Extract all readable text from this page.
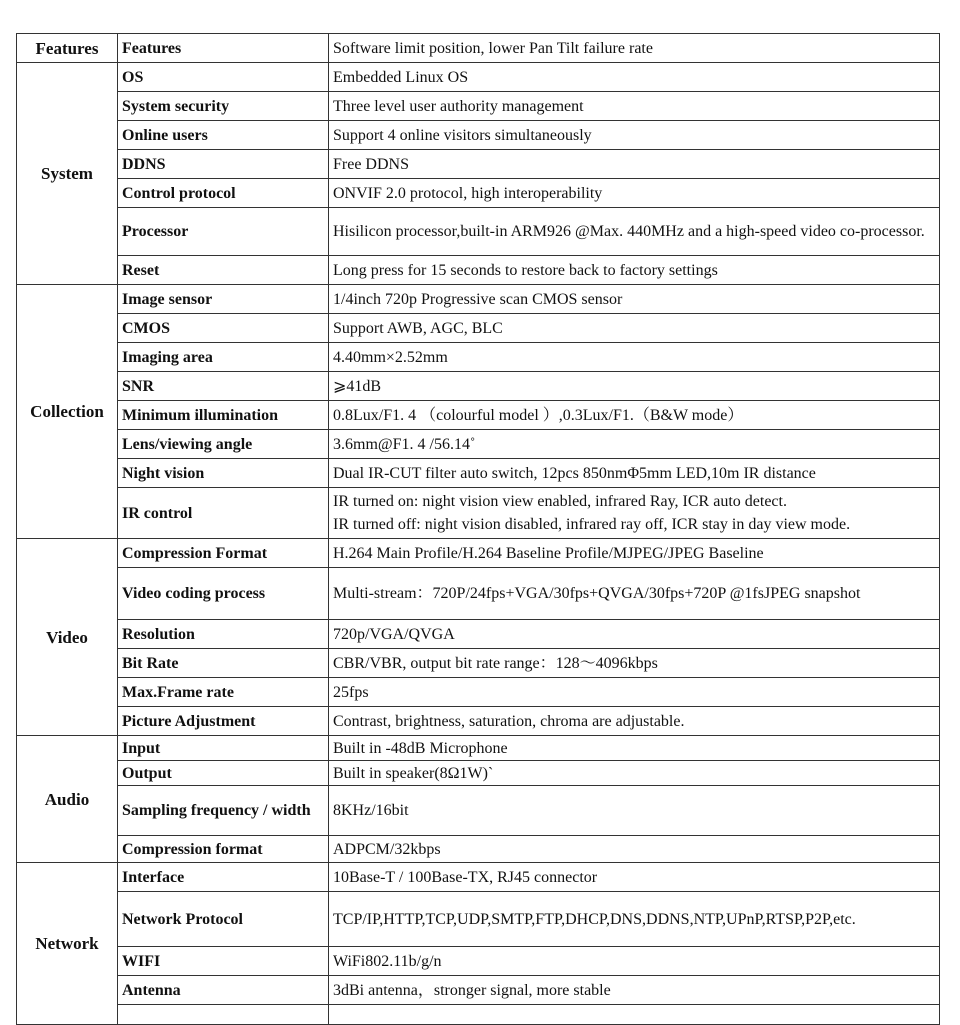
Features	Features	Software limit position, lower Pan Tilt failure rate
System	OS	Embedded Linux OS
	System security	Three level user authority management
	Online users	Support 4 online visitors simultaneously
	DDNS	Free DDNS
	Control protocol	ONVIF 2.0 protocol, high interoperability
	Processor	Hisilicon processor,built-in ARM926 @Max. 440MHz and a high-speed video co-processor.
	Reset	Long press for 15 seconds to restore back to factory settings
Collection	Image sensor	1/4inch 720p Progressive scan CMOS sensor
	CMOS	Support AWB, AGC, BLC
	Imaging area	4.40mm×2.52mm
	SNR	⩾41dB
	Minimum illumination	0.8Lux/F1. 4 （colourful model ）,0.3Lux/F1.（B&W mode）
	Lens/viewing angle	3.6mm@F1. 4 /56.14˚
	Night vision	Dual IR-CUT filter auto switch, 12pcs 850nmΦ5mm LED,10m IR distance
	IR control	IR turned on: night vision view enabled, infrared Ray, ICR auto detect.
IR turned off: night vision disabled, infrared ray off, ICR stay in day view mode.

Video	Compression Format	H.264 Main Profile/H.264 Baseline Profile/MJPEG/JPEG Baseline
	Video coding process	Multi-stream：720P/24fps+VGA/30fps+QVGA/30fps+720P @1fsJPEG snapshot
	Resolution	720p/VGA/QVGA
	Bit Rate	CBR/VBR, output bit rate range：128～4096kbps
	Max.Frame rate	25fps
	Picture Adjustment	Contrast, brightness, saturation, chroma are adjustable.
Audio	Input	Built in -48dB Microphone
	Output	Built in speaker(8Ω1W)`
	Sampling frequency / width	8KHz/16bit
	Compression format	ADPCM/32kbps
Network	Interface	10Base-T / 100Base-TX, RJ45 connector
	Network Protocol	TCP/IP,HTTP,TCP,UDP,SMTP,FTP,DHCP,DNS,DDNS,NTP,UPnP,RTSP,P2P,etc.
	WIFI	WiFi802.11b/g/n
	Antenna	3dBi antenna，stronger signal, more stable
